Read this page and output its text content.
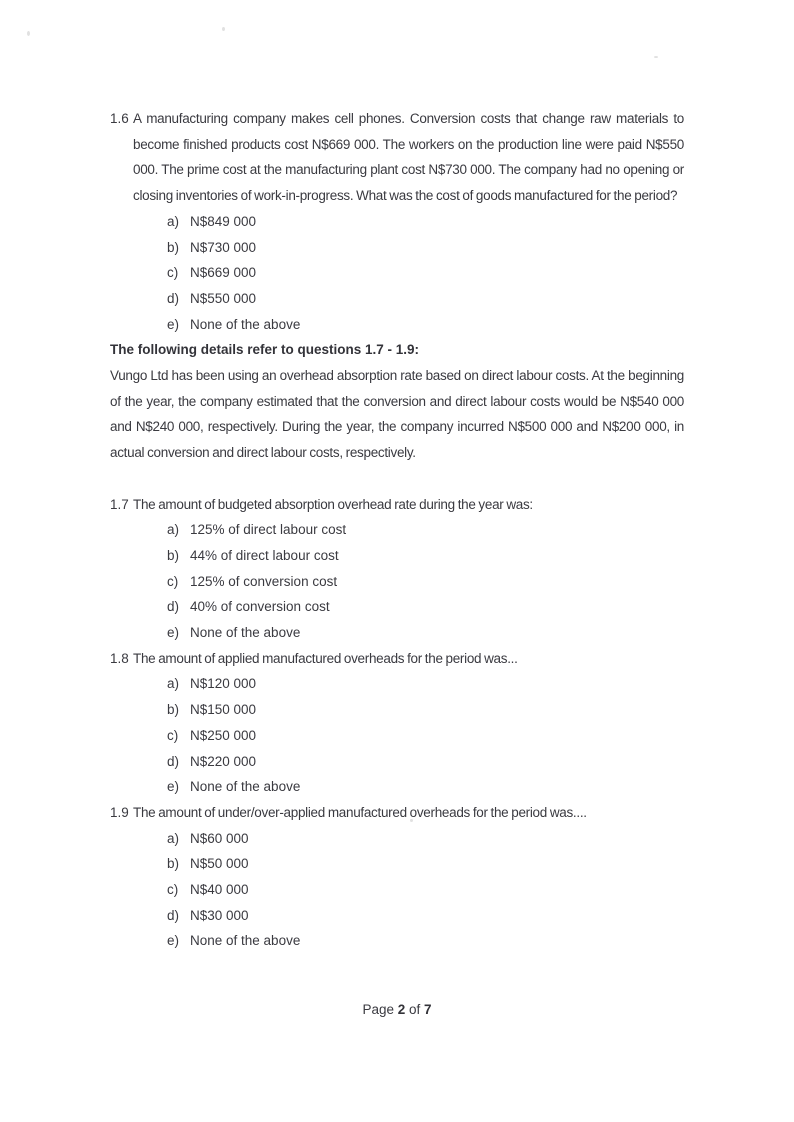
1.6 A manufacturing company makes cell phones. Conversion costs that change raw materials to become finished products cost N$669 000. The workers on the production line were paid N$550 000. The prime cost at the manufacturing plant cost N$730 000. The company had no opening or closing inventories of work-in-progress. What was the cost of goods manufactured for the period?

a) N$849 000
b) N$730 000
c) N$669 000
d) N$550 000
e) None of the above

The following details refer to questions 1.7 - 1.9:

Vungo Ltd has been using an overhead absorption rate based on direct labour costs. At the beginning of the year, the company estimated that the conversion and direct labour costs would be N$540 000 and N$240 000, respectively. During the year, the company incurred N$500 000 and N$200 000, in actual conversion and direct labour costs, respectively.

1.7 The amount of budgeted absorption overhead rate during the year was:

a) 125% of direct labour cost
b) 44% of direct labour cost
c) 125% of conversion cost
d) 40% of conversion cost
e) None of the above

1.8 The amount of applied manufactured overheads for the period was...

a) N$120 000
b) N$150 000
c) N$250 000
d) N$220 000
e) None of the above

1.9 The amount of under/over-applied manufactured overheads for the period was....

a) N$60 000
b) N$50 000
c) N$40 000
d) N$30 000
e) None of the above
Page 2 of 7
